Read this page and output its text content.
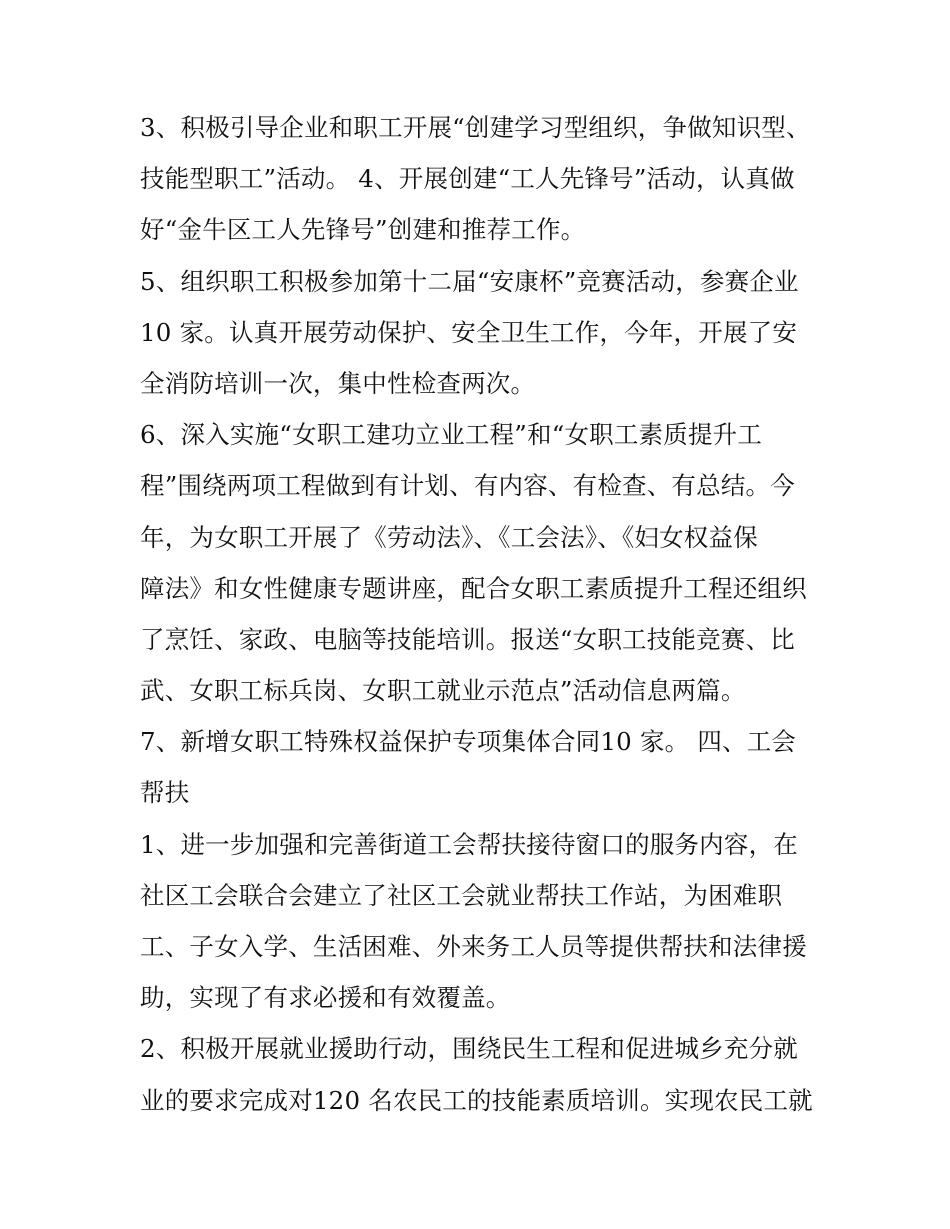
3、积极引导企业和职工开展“创建学习型组织，争做知识型、
技能型职工”活动。 4、开展创建“工人先锋号”活动，认真做
好“金牛区工人先锋号”创建和推荐工作。
5、组织职工积极参加第十二届“安康杯”竞赛活动，参赛企业
10 家。认真开展劳动保护、安全卫生工作，今年，开展了安
全消防培训一次，集中性检查两次。
6、深入实施“女职工建功立业工程”和“女职工素质提升工
程”围绕两项工程做到有计划、有内容、有检查、有总结。今
年，为女职工开展了《劳动法》、《工会法》、《妇女权益保
障法》和女性健康专题讲座，配合女职工素质提升工程还组织
了烹饪、家政、电脑等技能培训。报送“女职工技能竞赛、比
武、女职工标兵岗、女职工就业示范点”活动信息两篇。
7、新增女职工特殊权益保护专项集体合同10 家。 四、工会
帮扶
1、进一步加强和完善街道工会帮扶接待窗口的服务内容，在
社区工会联合会建立了社区工会就业帮扶工作站，为困难职
工、子女入学、生活困难、外来务工人员等提供帮扶和法律援
助，实现了有求必援和有效覆盖。
2、积极开展就业援助行动，围绕民生工程和促进城乡充分就
业的要求完成对120 名农民工的技能素质培训。实现农民工就
